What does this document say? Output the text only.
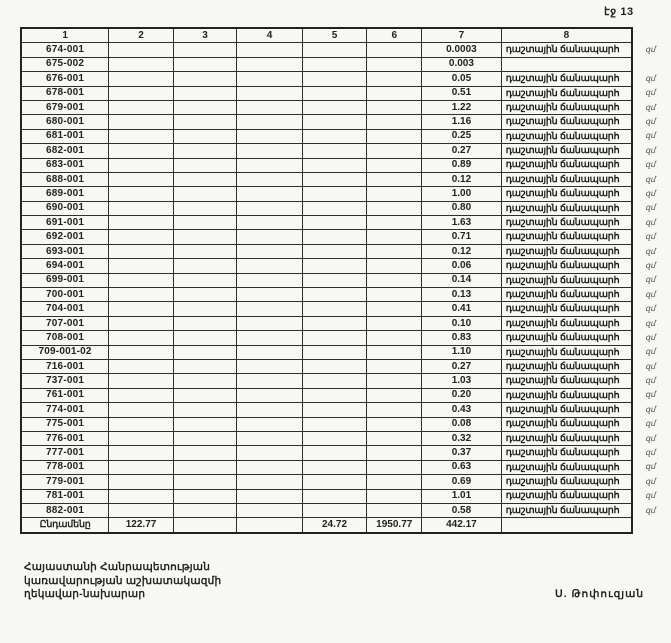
էջ 13
1	2	3	4	5	6	7	8	
674-001						0.0003	դաշտային ճանապարհ	զմ
675-002						0.003		
676-001						0.05	դաշտային ճանապարհ	զմ
678-001						0.51	դաշտային ճանապարհ	զմ
679-001						1.22	դաշտային ճանապարհ	զմ
680-001						1.16	դաշտային ճանապարհ	զմ
681-001						0.25	դաշտային ճանապարհ	զմ
682-001						0.27	դաշտային ճանապարհ	զմ
683-001						0.89	դաշտային ճանապարհ	զմ
688-001						0.12	դաշտային ճանապարհ	զմ
689-001						1.00	դաշտային ճանապարհ	զմ
690-001						0.80	դաշտային ճանապարհ	զմ
691-001						1.63	դաշտային ճանապարհ	զմ
692-001						0.71	դաշտային ճանապարհ	զմ
693-001						0.12	դաշտային ճանապարհ	զմ
694-001						0.06	դաշտային ճանապարհ	զմ
699-001						0.14	դաշտային ճանապարհ	զմ
700-001						0.13	դաշտային ճանապարհ	զմ
704-001						0.41	դաշտային ճանապարհ	զմ
707-001						0.10	դաշտային ճանապարհ	զմ
708-001						0.83	դաշտային ճանապարհ	զմ
709-001-02						1.10	դաշտային ճանապարհ	զմ
716-001						0.27	դաշտային ճանապարհ	զմ
737-001						1.03	դաշտային ճանապարհ	զմ
761-001						0.20	դաշտային ճանապարհ	զմ
774-001						0.43	դաշտային ճանապարհ	զմ
775-001						0.08	դաշտային ճանապարհ	զմ
776-001						0.32	դաշտային ճանապարհ	զմ
777-001						0.37	դաշտային ճանապարհ	զմ
778-001						0.63	դաշտային ճանապարհ	զմ
779-001						0.69	դաշտային ճանապարհ	զմ
781-001						1.01	դաշտային ճանապարհ	զմ
882-001						0.58	դաշտային ճանապարհ	զմ
Ընդամենը	122.77			24.72	1950.77	442.17		
Հայաստանի Հանրապետության
կառավարության աշխատակազմի
ղեկավար-նախարար	Ս. Թոփուզյան
